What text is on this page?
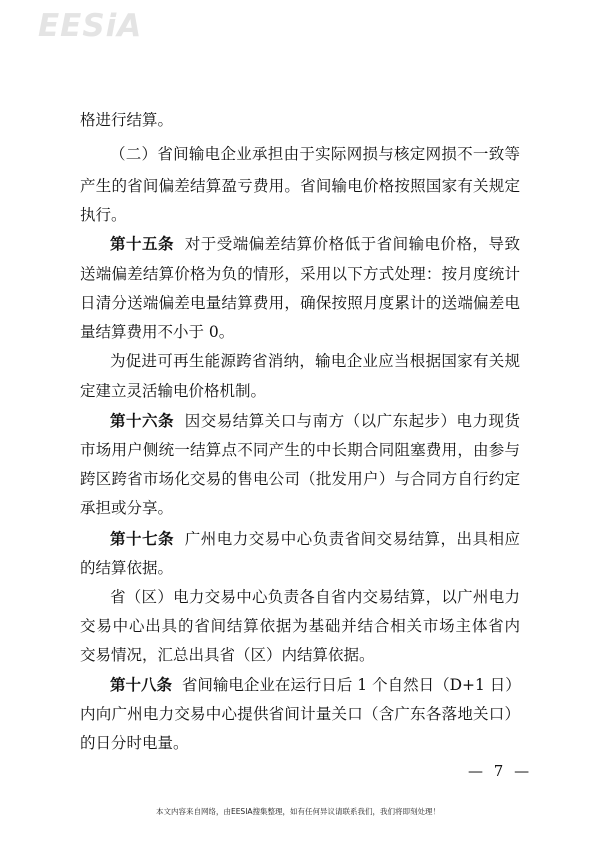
EESiA
格进行结算。
（二）省间输电企业承担由于实际网损与核定网损不一致等
产生的省间偏差结算盈亏费用。省间输电价格按照国家有关规定
执行。
第十五条 对于受端偏差结算价格低于省间输电价格，导致
送端偏差结算价格为负的情形，采用以下方式处理：按月度统计
日清分送端偏差电量结算费用，确保按照月度累计的送端偏差电
量结算费用不小于 0。
为促进可再生能源跨省消纳，输电企业应当根据国家有关规
定建立灵活输电价格机制。
第十六条 因交易结算关口与南方（以广东起步）电力现货
市场用户侧统一结算点不同产生的中长期合同阻塞费用，由参与
跨区跨省市场化交易的售电公司（批发用户）与合同方自行约定
承担或分享。
第十七条 广州电力交易中心负责省间交易结算，出具相应
的结算依据。
省（区）电力交易中心负责各自省内交易结算，以广州电力
交易中心出具的省间结算依据为基础并结合相关市场主体省内
交易情况，汇总出具省（区）内结算依据。
第十八条 省间输电企业在运行日后 1 个自然日（D+1 日）
内向广州电力交易中心提供省间计量关口（含广东各落地关口）
的日分时电量。
— 7 —
本文内容来自网络，由EESIA搜集整理，如有任何异议请联系我们，我们将即刻处理！
